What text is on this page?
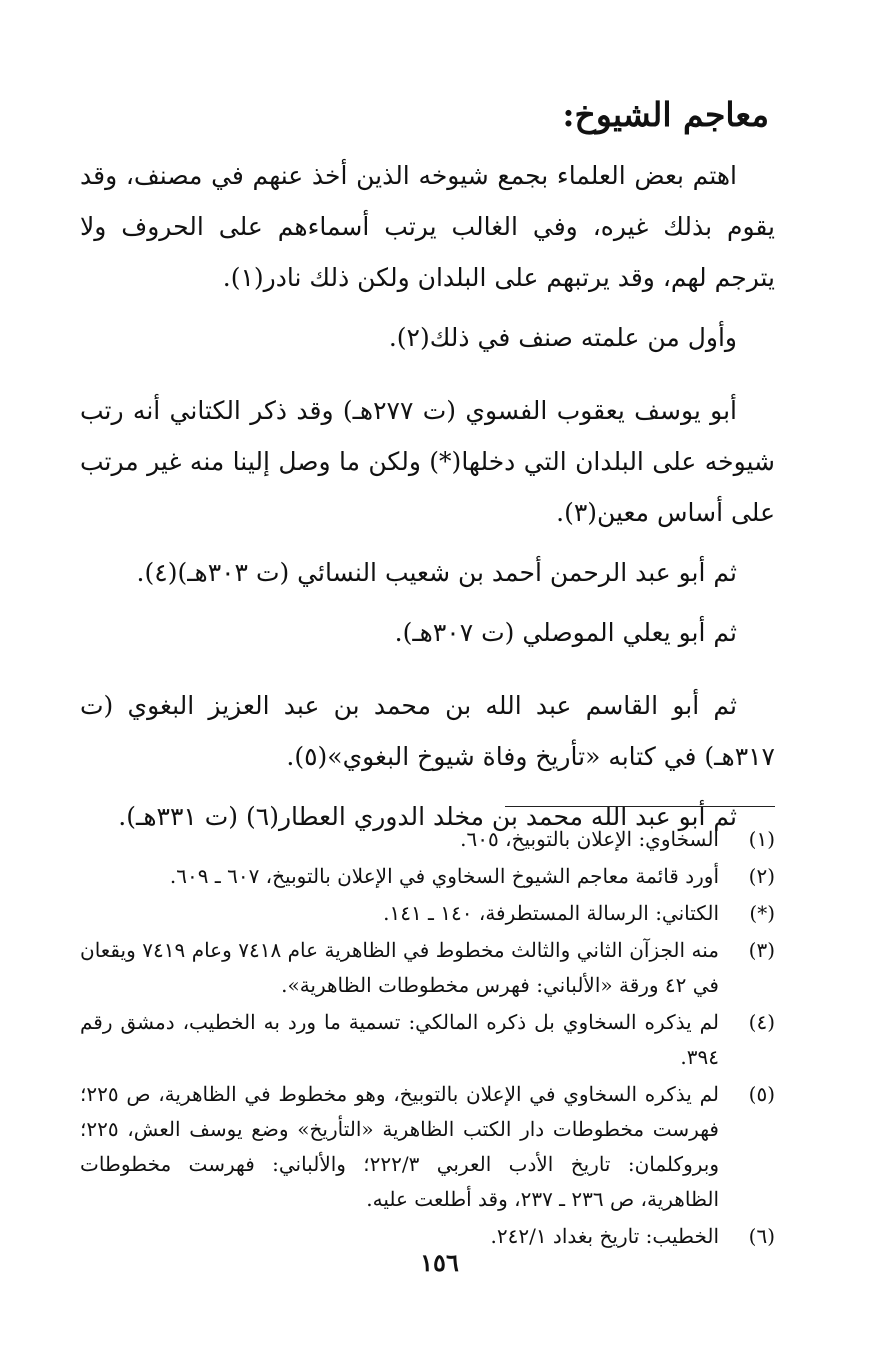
معاجم الشيوخ:

اهتم بعض العلماء بجمع شيوخه الذين أخذ عنهم في مصنف، وقد يقوم بذلك غيره، وفي الغالب يرتب أسماءهم على الحروف ولا يترجم لهم، وقد يرتبهم على البلدان ولكن ذلك نادر(١).

وأول من علمته صنف في ذلك(٢).

أبو يوسف يعقوب الفسوي (ت ٢٧٧هـ) وقد ذكر الكتاني أنه رتب شيوخه على البلدان التي دخلها(*) ولكن ما وصل إلينا منه غير مرتب على أساس معين(٣).

ثم أبو عبد الرحمن أحمد بن شعيب النسائي (ت ٣٠٣هـ)(٤).

ثم أبو يعلي الموصلي (ت ٣٠٧هـ).

ثم أبو القاسم عبد الله بن محمد بن عبد العزيز البغوي (ت ٣١٧هـ) في كتابه «تأريخ وفاة شيوخ البغوي»(٥).

ثم أبو عبد الله محمد بن مخلد الدوري العطار(٦) (ت ٣٣١هـ).

(١)
السخاوي: الإعلان بالتوبيخ، ٦٠٥.
(٢)
أورد قائمة معاجم الشيوخ السخاوي في الإعلان بالتوبيخ، ٦٠٧ ـ ٦٠٩.
(*)
الكتاني: الرسالة المستطرفة، ١٤٠ ـ ١٤١.
(٣)
منه الجزآن الثاني والثالث مخطوط في الظاهرية عام ٧٤١٨ وعام ٧٤١٩ ويقعان في ٤٢ ورقة «الألباني: فهرس مخطوطات الظاهرية».
(٤)
لم يذكره السخاوي بل ذكره المالكي: تسمية ما ورد به الخطيب، دمشق رقم ٣٩٤.
(٥)
لم يذكره السخاوي في الإعلان بالتوبيخ، وهو مخطوط في الظاهرية، ص ٢٢٥؛ فهرست مخطوطات دار الكتب الظاهرية «التأريخ» وضع يوسف العش، ٢٢٥؛ وبروكلمان: تاريخ الأدب العربي ٢٢٢/٣؛ والألباني: فهرست مخطوطات الظاهرية، ص ٢٣٦ ـ ٢٣٧، وقد أطلعت عليه.
(٦)
الخطيب: تاريخ بغداد ٢٤٢/١.
١٥٦
